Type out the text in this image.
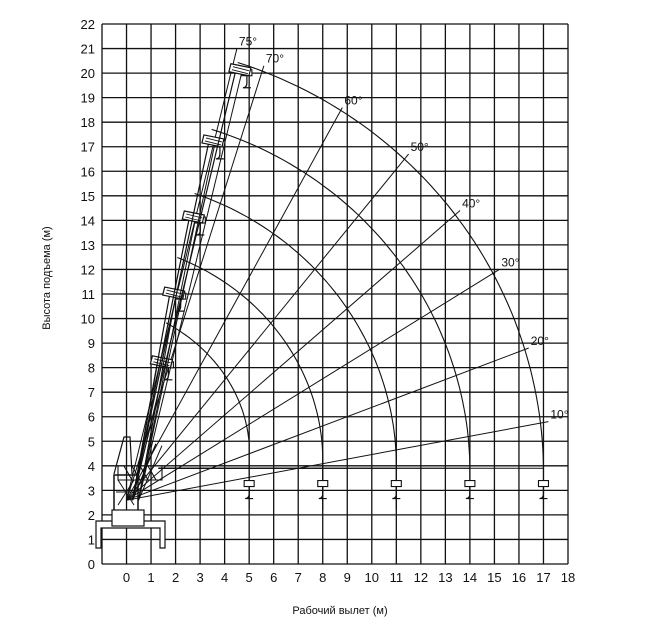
0 1 2 3 4 5 6 7 8 9 10 11 12 13 14 15 16 17 18
0
1
2
3
4
5
6
7
8
9
10
11
12
13
14
15
16
17
18
19
20
21
22
75°
70°
60°
50°
40°
30°
20°
10°
Рабочий вылет (м)
Высота подъема (м)
